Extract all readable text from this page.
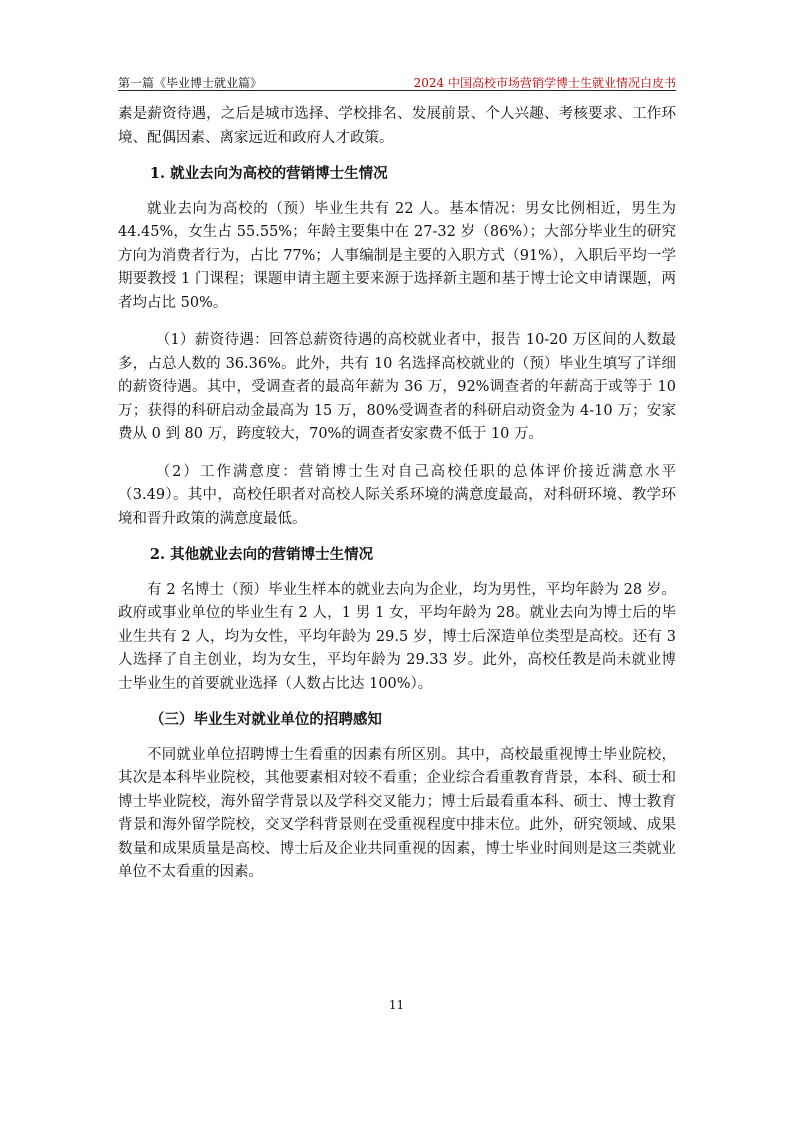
第一篇《毕业博士就业篇》	2024 中国高校市场营销学博士生就业情况白皮书

素是薪资待遇，之后是城市选择、学校排名、发展前景、个人兴趣、考核要求、工作环境、配偶因素、离家远近和政府人才政策。

1. 就业去向为高校的营销博士生情况

就业去向为高校的（预）毕业生共有 22 人。基本情况：男女比例相近，男生为 44.45%，女生占 55.55%；年龄主要集中在 27-32 岁（86%）；大部分毕业生的研究方向为消费者行为，占比 77%；人事编制是主要的入职方式（91%），入职后平均一学期要教授 1 门课程；课题申请主题主要来源于选择新主题和基于博士论文申请课题，两者均占比 50%。

（1）薪资待遇：回答总薪资待遇的高校就业者中，报告 10-20 万区间的人数最多，占总人数的 36.36%。此外，共有 10 名选择高校就业的（预）毕业生填写了详细的薪资待遇。其中，受调查者的最高年薪为 36 万，92%调查者的年薪高于或等于 10 万；获得的科研启动金最高为 15 万，80%受调查者的科研启动资金为 4-10 万；安家费从 0 到 80 万，跨度较大，70%的调查者安家费不低于 10 万。

（2）工作满意度：营销博士生对自己高校任职的总体评价接近满意水平（3.49）。其中，高校任职者对高校人际关系环境的满意度最高，对科研环境、教学环境和晋升政策的满意度最低。

2. 其他就业去向的营销博士生情况

有 2 名博士（预）毕业生样本的就业去向为企业，均为男性，平均年龄为 28 岁。政府或事业单位的毕业生有 2 人，1 男 1 女，平均年龄为 28。就业去向为博士后的毕业生共有 2 人，均为女性，平均年龄为 29.5 岁，博士后深造单位类型是高校。还有 3 人选择了自主创业，均为女生，平均年龄为 29.33 岁。此外，高校任教是尚未就业博士毕业生的首要就业选择（人数占比达 100%）。

（三）毕业生对就业单位的招聘感知

不同就业单位招聘博士生看重的因素有所区别。其中，高校最重视博士毕业院校，其次是本科毕业院校，其他要素相对较不看重；企业综合看重教育背景，本科、硕士和博士毕业院校，海外留学背景以及学科交叉能力；博士后最看重本科、硕士、博士教育背景和海外留学院校，交叉学科背景则在受重视程度中排末位。此外，研究领域、成果数量和成果质量是高校、博士后及企业共同重视的因素，博士毕业时间则是这三类就业单位不太看重的因素。

11
